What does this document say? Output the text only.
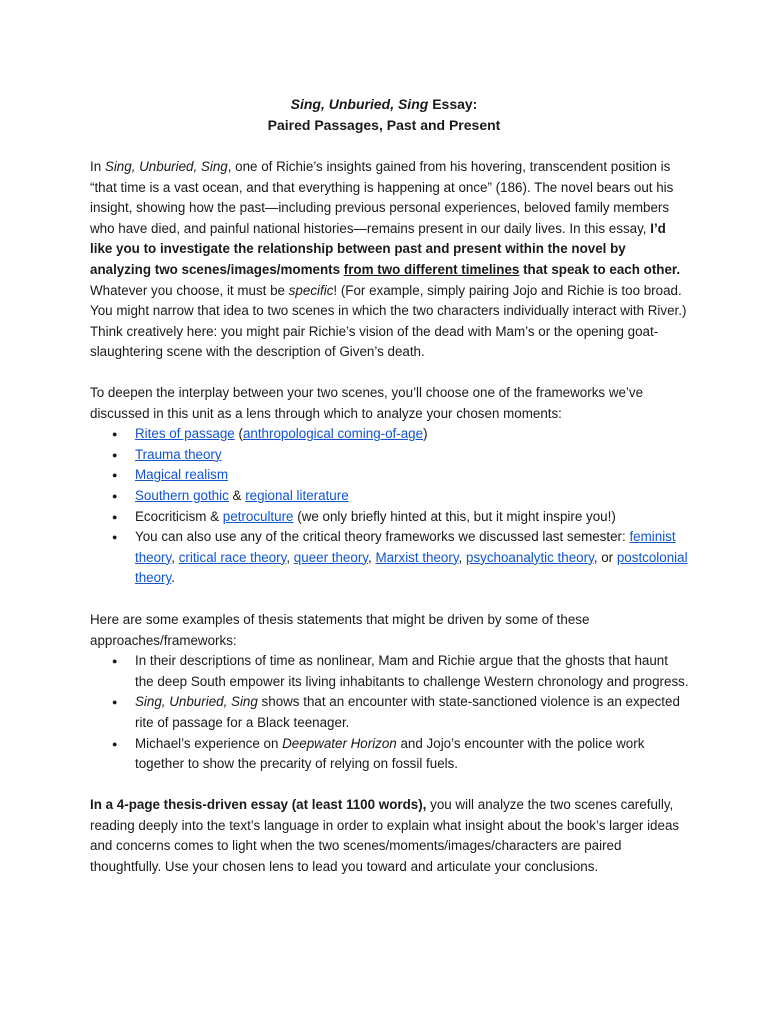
Sing, Unburied, Sing Essay:
Paired Passages, Past and Present

In Sing, Unburied, Sing, one of Richie’s insights gained from his hovering, transcendent position is “that time is a vast ocean, and that everything is happening at once” (186). The novel bears out his insight, showing how the past—including previous personal experiences, beloved family members who have died, and painful national histories—remains present in our daily lives. In this essay, I’d like you to investigate the relationship between past and present within the novel by analyzing two scenes/images/moments from two different timelines that speak to each other. Whatever you choose, it must be specific! (For example, simply pairing Jojo and Richie is too broad. You might narrow that idea to two scenes in which the two characters individually interact with River.) Think creatively here: you might pair Richie’s vision of the dead with Mam’s or the opening goat-slaughtering scene with the description of Given’s death.

To deepen the interplay between your two scenes, you’ll choose one of the frameworks we’ve discussed in this unit as a lens through which to analyze your chosen moments:
● Rites of passage (anthropological coming-of-age)
● Trauma theory
● Magical realism
● Southern gothic & regional literature
● Ecocriticism & petroculture (we only briefly hinted at this, but it might inspire you!)
● You can also use any of the critical theory frameworks we discussed last semester: feminist theory, critical race theory, queer theory, Marxist theory, psychoanalytic theory, or postcolonial theory.
Here are some examples of thesis statements that might be driven by some of these approaches/frameworks:
● In their descriptions of time as nonlinear, Mam and Richie argue that the ghosts that haunt the deep South empower its living inhabitants to challenge Western chronology and progress.
● Sing, Unburied, Sing shows that an encounter with state-sanctioned violence is an expected rite of passage for a Black teenager.
● Michael’s experience on Deepwater Horizon and Jojo’s encounter with the police work together to show the precarity of relying on fossil fuels.

In a 4-page thesis-driven essay (at least 1100 words), you will analyze the two scenes carefully, reading deeply into the text’s language in order to explain what insight about the book’s larger ideas and concerns comes to light when the two scenes/moments/images/characters are paired thoughtfully. Use your chosen lens to lead you toward and articulate your conclusions.
